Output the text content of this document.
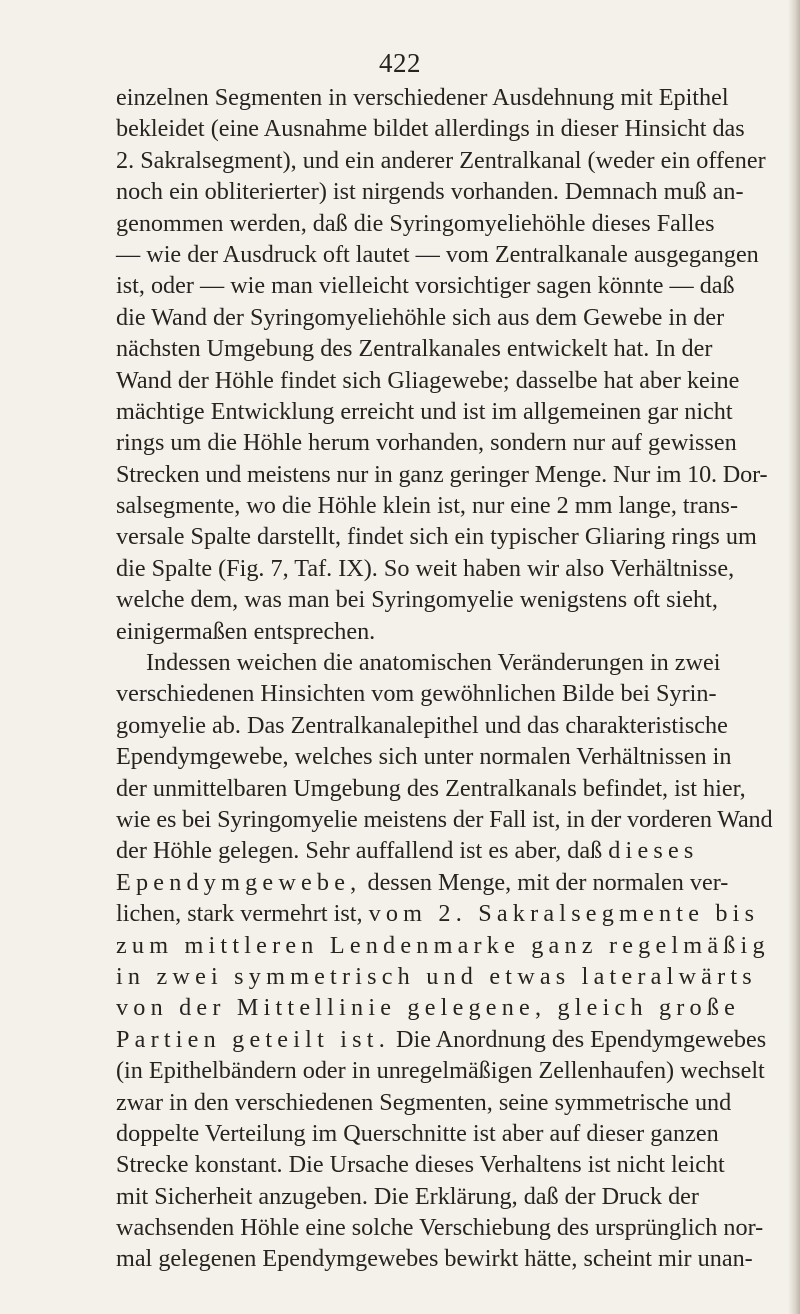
422
einzelnen Segmenten in verschiedener Ausdehnung mit Epithel
bekleidet (eine Ausnahme bildet allerdings in dieser Hinsicht das
2. Sakralsegment), und ein anderer Zentralkanal (weder ein offener
noch ein obliterierter) ist nirgends vorhanden. Demnach muß an-
genommen werden, daß die Syringomyeliehöhle dieses Falles
— wie der Ausdruck oft lautet — vom Zentralkanale ausgegangen
ist, oder — wie man vielleicht vorsichtiger sagen könnte — daß
die Wand der Syringomyeliehöhle sich aus dem Gewebe in der
nächsten Umgebung des Zentralkanales entwickelt hat. In der
Wand der Höhle findet sich Gliagewebe; dasselbe hat aber keine
mächtige Entwicklung erreicht und ist im allgemeinen gar nicht
rings um die Höhle herum vorhanden, sondern nur auf gewissen
Strecken und meistens nur in ganz geringer Menge. Nur im 10. Dor-
salsegmente, wo die Höhle klein ist, nur eine 2 mm lange, trans-
versale Spalte darstellt, findet sich ein typischer Gliaring rings um
die Spalte (Fig. 7, Taf. IX). So weit haben wir also Verhältnisse,
welche dem, was man bei Syringomyelie wenigstens oft sieht,
einigermaßen entsprechen.
Indessen weichen die anatomischen Veränderungen in zwei
verschiedenen Hinsichten vom gewöhnlichen Bilde bei Syrin-
gomyelie ab. Das Zentralkanalepithel und das charakteristische
Ependymgewebe, welches sich unter normalen Verhältnissen in
der unmittelbaren Umgebung des Zentralkanals befindet, ist hier,
wie es bei Syringomyelie meistens der Fall ist, in der vorderen Wand
der Höhle gelegen. Sehr auffallend ist es aber, daß dieses
Ependymgewebe, dessen Menge, mit der normalen ver-
lichen, stark vermehrt ist, vom 2. Sakralsegmente bis
zum mittleren Lendenmarke ganz regelmäßig
in zwei symmetrisch und etwas lateralwärts
von der Mittellinie gelegene, gleich große
Partien geteilt ist. Die Anordnung des Ependymgewebes
(in Epithelbändern oder in unregelmäßigen Zellenhaufen) wechselt
zwar in den verschiedenen Segmenten, seine symmetrische und
doppelte Verteilung im Querschnitte ist aber auf dieser ganzen
Strecke konstant. Die Ursache dieses Verhaltens ist nicht leicht
mit Sicherheit anzugeben. Die Erklärung, daß der Druck der
wachsenden Höhle eine solche Verschiebung des ursprünglich nor-
mal gelegenen Ependymgewebes bewirkt hätte, scheint mir unan-
